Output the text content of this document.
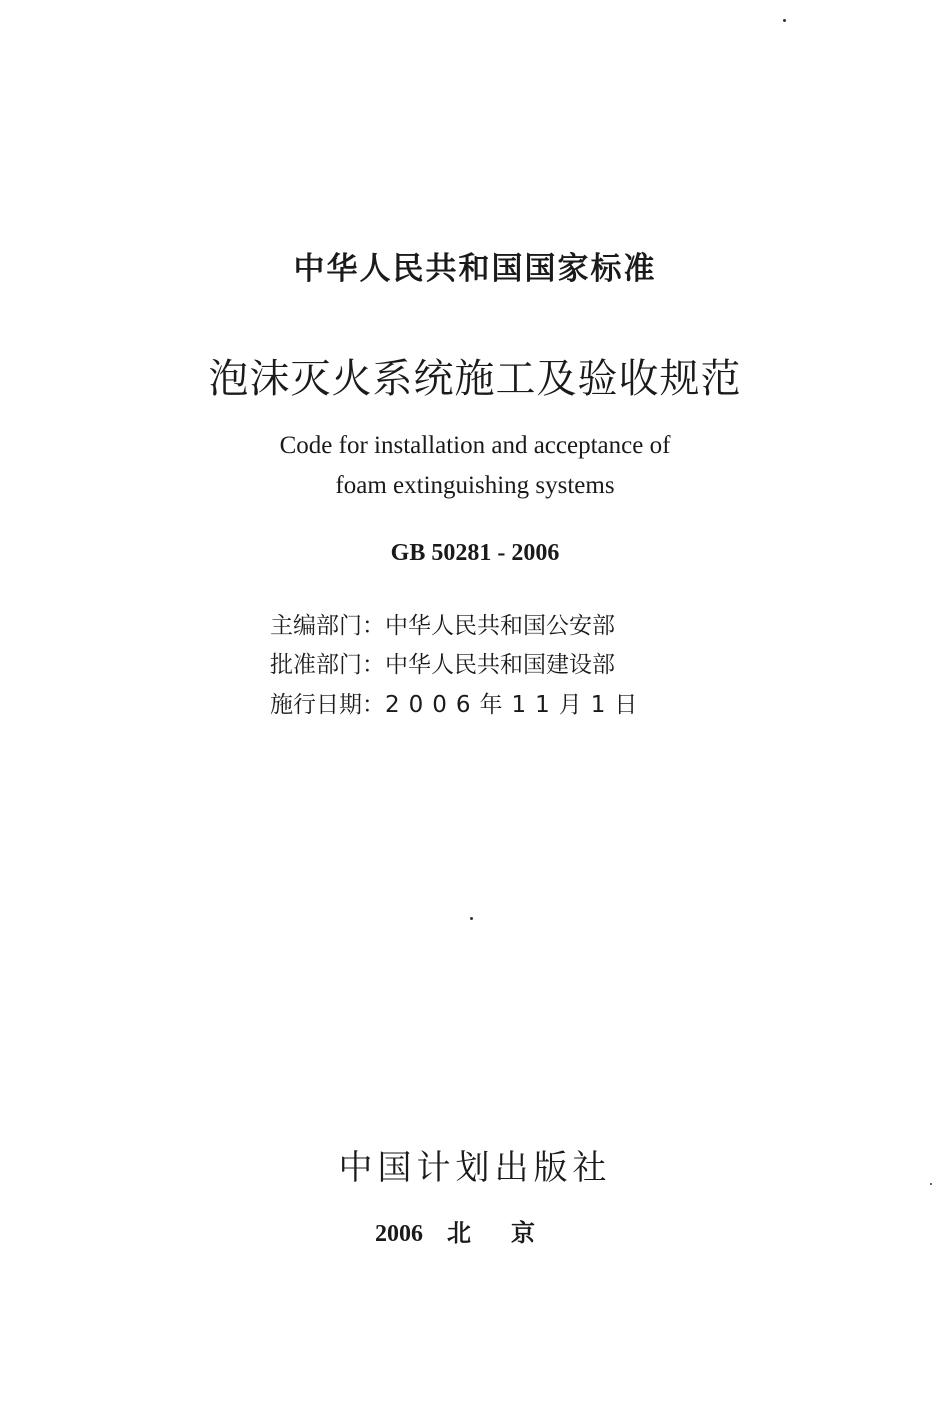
中华人民共和国国家标准
泡沫灭火系统施工及验收规范
Code for installation and acceptance of
foam extinguishing systems
GB 50281 - 2006
主编部门：中华人民共和国公安部
批准部门：中华人民共和国建设部
施行日期：2006年11月1日
中国计划出版社
2006 北京
